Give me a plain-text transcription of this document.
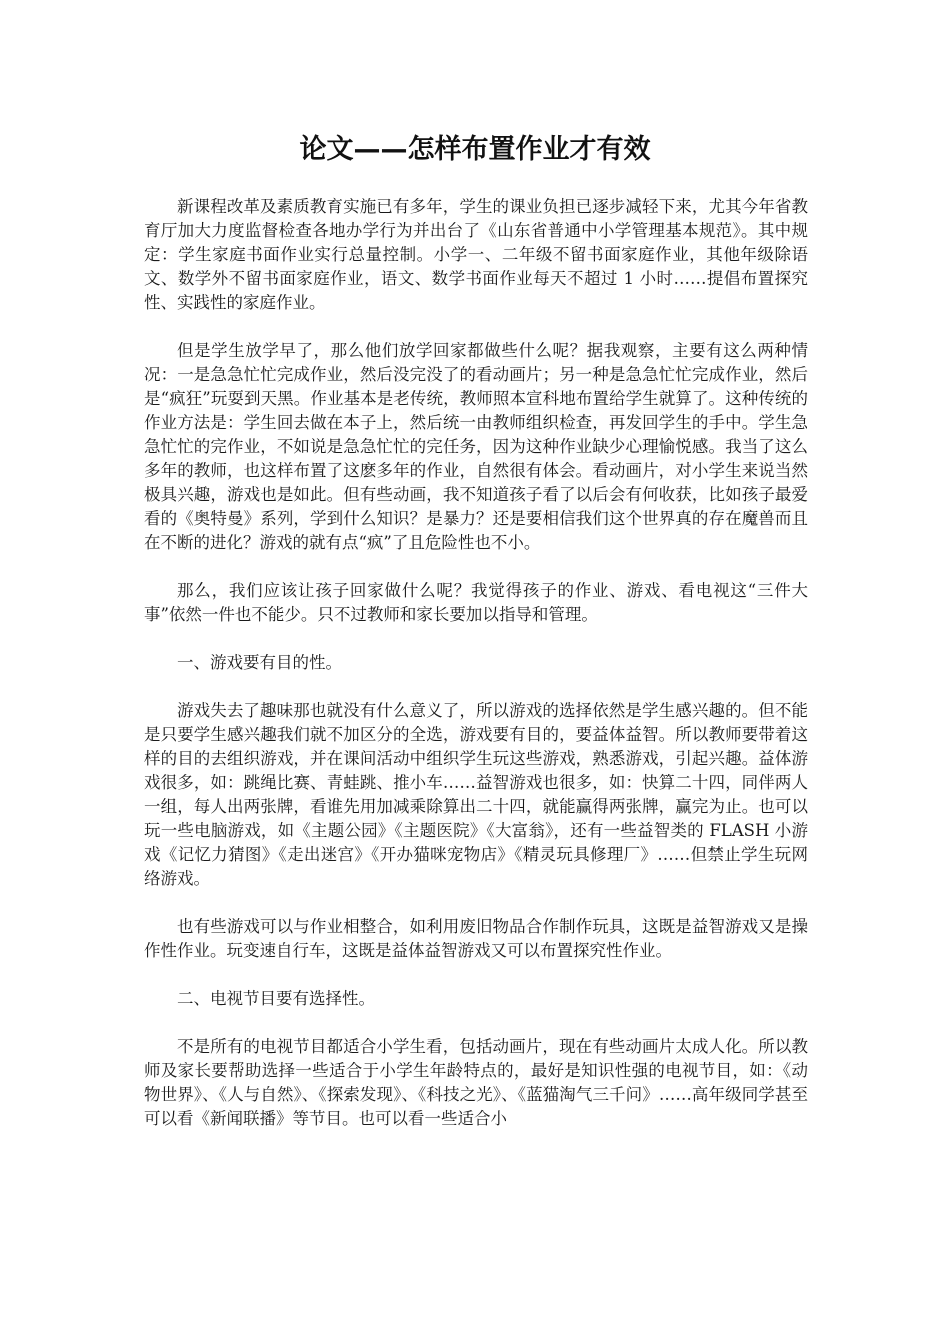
论文——怎样布置作业才有效

新课程改革及素质教育实施已有多年，学生的课业负担已逐步减轻下来，尤其今年省教育厅加大力度监督检查各地办学行为并出台了《山东省普通中小学管理基本规范》。其中规定：学生家庭书面作业实行总量控制。小学一、二年级不留书面家庭作业，其他年级除语文、数学外不留书面家庭作业，语文、数学书面作业每天不超过 1 小时……提倡布置探究性、实践性的家庭作业。

但是学生放学早了，那么他们放学回家都做些什么呢？据我观察，主要有这么两种情况：一是急急忙忙完成作业，然后没完没了的看动画片；另一种是急急忙忙完成作业，然后是“疯狂”玩耍到天黑。作业基本是老传统，教师照本宣科地布置给学生就算了。这种传统的作业方法是：学生回去做在本子上，然后统一由教师组织检查，再发回学生的手中。学生急急忙忙的完作业，不如说是急急忙忙的完任务，因为这种作业缺少心理愉悦感。我当了这么多年的教师，也这样布置了这麽多年的作业，自然很有体会。看动画片，对小学生来说当然极具兴趣，游戏也是如此。但有些动画，我不知道孩子看了以后会有何收获，比如孩子最爱看的《奥特曼》系列，学到什么知识？是暴力？还是要相信我们这个世界真的存在魔兽而且在不断的进化？游戏的就有点“疯”了且危险性也不小。

那么，我们应该让孩子回家做什么呢？我觉得孩子的作业、游戏、看电视这“三件大事”依然一件也不能少。只不过教师和家长要加以指导和管理。

一、游戏要有目的性。

游戏失去了趣味那也就没有什么意义了，所以游戏的选择依然是学生感兴趣的。但不能是只要学生感兴趣我们就不加区分的全选，游戏要有目的，要益体益智。所以教师要带着这样的目的去组织游戏，并在课间活动中组织学生玩这些游戏，熟悉游戏，引起兴趣。益体游戏很多，如：跳绳比赛、青蛙跳、推小车……益智游戏也很多，如：快算二十四，同伴两人一组，每人出两张牌，看谁先用加减乘除算出二十四，就能赢得两张牌，赢完为止。也可以玩一些电脑游戏，如《主题公园》《主题医院》《大富翁》，还有一些益智类的 FLASH 小游戏《记忆力猜图》《走出迷宫》《开办猫咪宠物店》《精灵玩具修理厂》……但禁止学生玩网络游戏。

也有些游戏可以与作业相整合，如利用废旧物品合作制作玩具，这既是益智游戏又是操作性作业。玩变速自行车，这既是益体益智游戏又可以布置探究性作业。

二、电视节目要有选择性。

不是所有的电视节目都适合小学生看，包括动画片，现在有些动画片太成人化。所以教师及家长要帮助选择一些适合于小学生年龄特点的，最好是知识性强的电视节目，如：《动物世界》、《人与自然》、《探索发现》、《科技之光》、《蓝猫淘气三千问》……高年级同学甚至可以看《新闻联播》等节目。也可以看一些适合小
